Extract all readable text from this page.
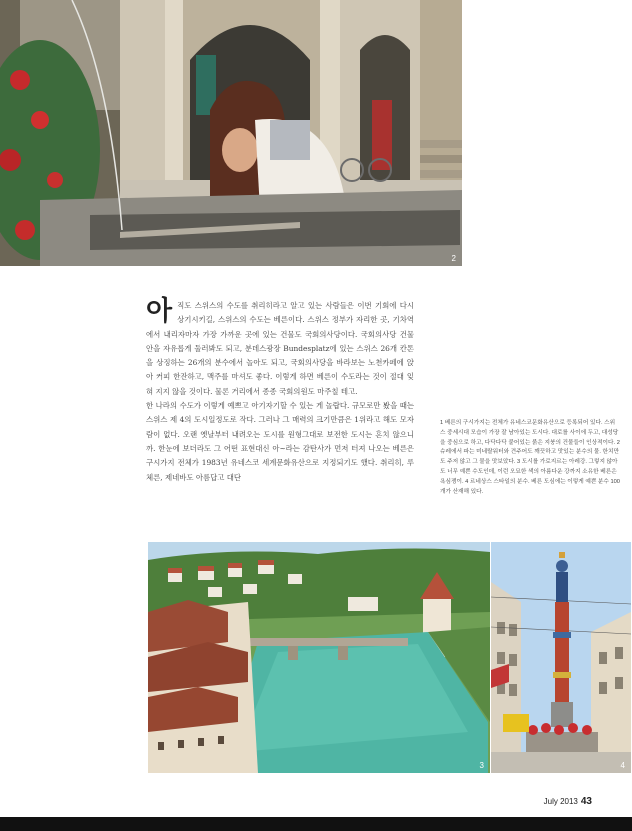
2
아 직도 스위스의 수도를 취리히라고 알고 있는 사람들은 이번 기회에 다시 상기시키길, 스위스의 수도는 베른이다. 스위스 정부가 자리한 곳, 기차역에서 내리자마자 가장 가까운 곳에 있는 건물도 국회의사당이다. 국회의사당 건물 안을 자유롭게 둘러봐도 되고, 분데스광장 Bundesplatz에 있는 스위스 26개 칸톤을 상징하는 26개의 분수에서 놀아도 되고, 국회의사당을 바라보는 노천카페에 앉아 커피 한잔하고, 맥주를 마셔도 좋다. 이렇게 하면 베른이 수도라는 것이 절대 잊혀 지지 않을 것이다. 물론 거리에서 종종 국회의원도 마주칠 테고.

한 나라의 수도가 이렇게 예쁘고 아기자기할 수 있는 게 놀랍다. 규모로만 봤을 때는 스위스 제 4의 도시일정도로 작다. 그러나 그 매력의 크기만큼은 1위라고 해도 모자람이 없다. 오랜 옛날부터 내려오는 도시를 원형그대로 보전한 도시는 흔치 않으니까. 한눈에 보더라도 그 어떤 표현대신 아~라는 감탄사가 먼저 터져 나오는 베른은 구시가지 전체가 1983년 유네스코 세계문화유산으로 지정되기도 했다. 취리히, 루체른, 제네바도 아름답고 대단

1 베른의 구시가지는 전체가 유네스코문화유산으로 등록되어 있다. 스위스 중세시대 모습이 가장 잘 남아있는 도시다. 대로를 사이에 두고, 대성당을 중심으로 하고, 다닥다닥 붙어있는 붉은 지붕의 건물들이 인상적이다. 2 슈레에서 파는 미네랄워터와 견주어도 깨끗하고 맛있는 분수의 물. 한치만도 주저 않고 그 물을 맛보았다. 3 도시를 가로지르는 아레강. 그렇지 않아도 너무 예쁜 수도인데, 이런 오묘한 색의 아름다운 강까지 소유한 베른은 욕심쟁이. 4 르네상스 스타일의 분수. 베른 도심에는 이렇게 예쁜 분수 100개가 산재해 있다.

3	4
July 2013 43
